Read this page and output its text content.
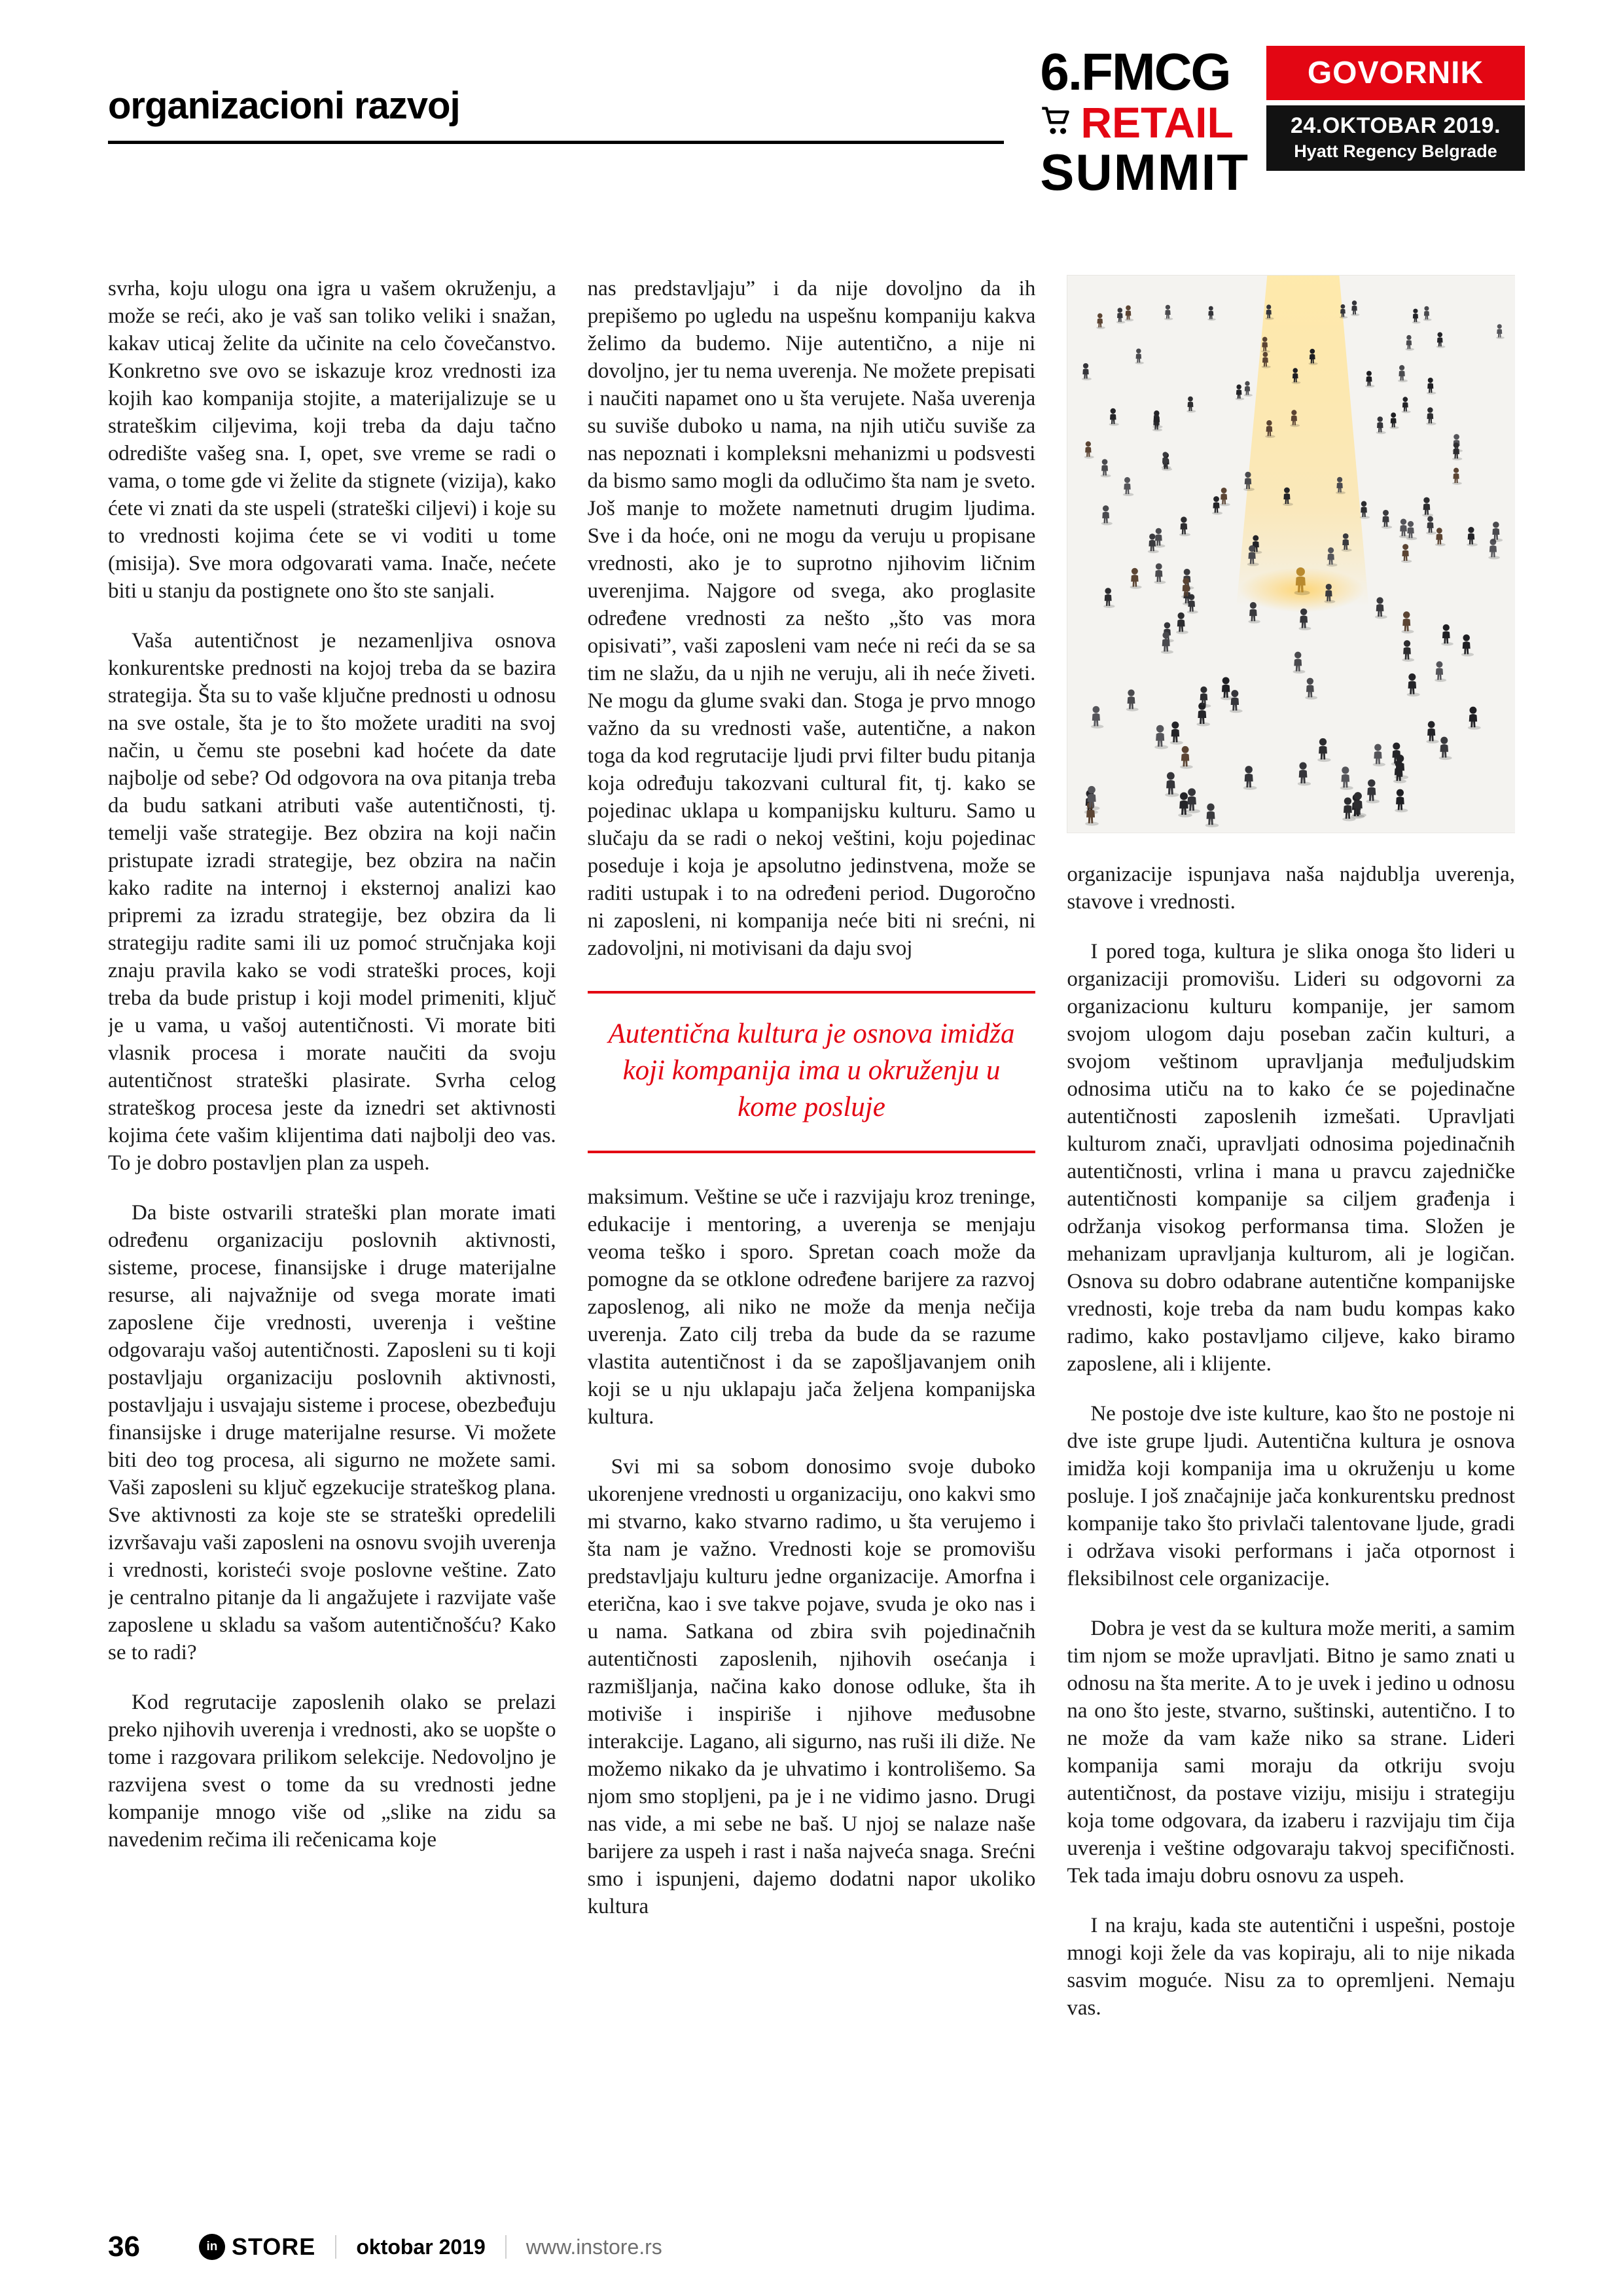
organizacioni razvoj
6.FMCG
RETAIL
SUMMIT
GOVORNIK
24.OKTOBAR 2019.
Hyatt Regency Belgrade

svrha, koju ulogu ona igra u vašem okruženju, a može se reći, ako je vaš san toliko veliki i snažan, kakav uticaj želite da učinite na celo čovečanstvo. Konkretno sve ovo se iskazuje kroz vrednosti iza kojih kao kompanija stojite, a materijalizuje se u strateškim ciljevima, koji treba da daju tačno odredište vašeg sna. I, opet, sve vreme se radi o vama, o tome gde vi želite da stignete (vizija), kako ćete vi znati da ste uspeli (strateški ciljevi) i koje su to vrednosti kojima ćete se vi voditi u tome (misija). Sve mora odgovarati vama. Inače, nećete biti u stanju da postignete ono što ste sanjali.

Vaša autentičnost je nezamenljiva osnova konkurentske prednosti na kojoj treba da se bazira strategija. Šta su to vaše ključne prednosti u odnosu na sve ostale, šta je to što možete uraditi na svoj način, u čemu ste posebni kad hoćete da date najbolje od sebe? Od odgovora na ova pitanja treba da budu satkani atributi vaše autentičnosti, tj. temelji vaše strategije. Bez obzira na koji način pristupate izradi strategije, bez obzira na način kako radite na internoj i eksternoj analizi kao pripremi za izradu strategije, bez obzira da li strategiju radite sami ili uz pomoć stručnjaka koji znaju pravila kako se vodi strateški proces, koji treba da bude pristup i koji model primeniti, ključ je u vama, u vašoj autentičnosti. Vi morate biti vlasnik procesa i morate naučiti da svoju autentičnost strateški plasirate. Svrha celog strateškog procesa jeste da iznedri set aktivnosti kojima ćete vašim klijentima dati najbolji deo vas. To je dobro postavljen plan za uspeh.

Da biste ostvarili strateški plan morate imati određenu organizaciju poslovnih aktivnosti, sisteme, procese, finansijske i druge materijalne resurse, ali najvažnije od svega morate imati zaposlene čije vrednosti, uverenja i veštine odgovaraju vašoj autentičnosti. Zaposleni su ti koji postavljaju organizaciju poslovnih aktivnosti, postavljaju i usvajaju sisteme i procese, obezbeđuju finansijske i druge materijalne resurse. Vi možete biti deo tog procesa, ali sigurno ne možete sami. Vaši zaposleni su ključ egzekucije strateškog plana. Sve aktivnosti za koje ste se strateški opredelili izvršavaju vaši zaposleni na osnovu svojih uverenja i vrednosti, koristeći svoje poslovne veštine. Zato je centralno pitanje da li angažujete i razvijate vaše zaposlene u skladu sa vašom autentičnošću? Kako se to radi?

Kod regrutacije zaposlenih olako se prelazi preko njihovih uverenja i vrednosti, ako se uopšte o tome i razgovara prilikom selekcije. Nedovoljno je razvijena svest o tome da su vrednosti jedne kompanije mnogo više od „slike na zidu sa navedenim rečima ili rečenicama koje

nas predstavljaju” i da nije dovoljno da ih prepišemo po ugledu na uspešnu kompaniju kakva želimo da budemo. Nije autentično, a nije ni dovoljno, jer tu nema uverenja. Ne možete prepisati i naučiti napamet ono u šta verujete. Naša uverenja su suviše duboko u nama, na njih utiču suviše za nas nepoznati i kompleksni mehanizmi u podsvesti da bismo samo mogli da odlučimo šta nam je sveto. Još manje to možete nametnuti drugim ljudima. Sve i da hoće, oni ne mogu da veruju u propisane vrednosti, ako je to suprotno njihovim ličnim uverenjima. Najgore od svega, ako proglasite određene vrednosti za nešto „što vas mora opisivati”, vaši zaposleni vam neće ni reći da se sa tim ne slažu, da u njih ne veruju, ali ih neće živeti. Ne mogu da glume svaki dan. Stoga je prvo mnogo važno da su vrednosti vaše, autentične, a nakon toga da kod regrutacije ljudi prvi filter budu pitanja koja određuju takozvani cultural fit, tj. kako se pojedinac uklapa u kompanijsku kulturu. Samo u slučaju da se radi o nekoj veštini, koju pojedinac poseduje i koja je apsolutno jedinstvena, može se raditi ustupak i to na određeni period. Dugoročno ni zaposleni, ni kompanija neće biti ni srećni, ni zadovoljni, ni motivisani da daju svoj

Autentična kultura je osnova imidža koji kompanija ima u okruženju u kome posluje

maksimum. Veštine se uče i razvijaju kroz treninge, edukacije i mentoring, a uverenja se menjaju veoma teško i sporo. Spretan coach može da pomogne da se otklone određene barijere za razvoj zaposlenog, ali niko ne može da menja nečija uverenja. Zato cilj treba da bude da se razume vlastita autentičnost i da se zapošljavanjem onih koji se u nju uklapaju jača željena kompanijska kultura.

Svi mi sa sobom donosimo svoje duboko ukorenjene vrednosti u organizaciju, ono kakvi smo mi stvarno, kako stvarno radimo, u šta verujemo i šta nam je važno. Vrednosti koje se promovišu predstavljaju kulturu jedne organizacije. Amorfna i eterična, kao i sve takve pojave, svuda je oko nas i u nama. Satkana od zbira svih pojedinačnih autentičnosti zaposlenih, njihovih osećanja i razmišljanja, načina kako donose odluke, šta ih motiviše i inspiriše i njihove međusobne interakcije. Lagano, ali sigurno, nas ruši ili diže. Ne možemo nikako da je uhvatimo i kontrolišemo. Sa njom smo stopljeni, pa je i ne vidimo jasno. Drugi nas vide, a mi sebe ne baš. U njoj se nalaze naše barijere za uspeh i rast i naša najveća snaga. Srećni smo i ispunjeni, dajemo dodatni napor ukoliko kultura

organizacije ispunjava naša najdublja uverenja, stavove i vrednosti.

I pored toga, kultura je slika onoga što lideri u organizaciji promovišu. Lideri su odgovorni za organizacionu kulturu kompanije, jer samom svojom ulogom daju poseban začin kulturi, a svojom veštinom upravljanja međuljudskim odnosima utiču na to kako će se pojedinačne autentičnosti zaposlenih izmešati. Upravljati kulturom znači, upravljati odnosima pojedinačnih autentičnosti, vrlina i mana u pravcu zajedničke autentičnosti kompanije sa ciljem građenja i održanja visokog performansa tima. Složen je mehanizam upravljanja kulturom, ali je logičan. Osnova su dobro odabrane autentične kompanijske vrednosti, koje treba da nam budu kompas kako radimo, kako postavljamo ciljeve, kako biramo zaposlene, ali i klijente.

Ne postoje dve iste kulture, kao što ne postoje ni dve iste grupe ljudi. Autentična kultura je osnova imidža koji kompanija ima u okruženju u kome posluje. I još značajnije jača konkurentsku prednost kompanije tako što privlači talentovane ljude, gradi i održava visoki performans i jača otpornost i fleksibilnost cele organizacije.

Dobra je vest da se kultura može meriti, a samim tim njom se može upravljati. Bitno je samo znati u odnosu na šta merite. A to je uvek i jedino u odnosu na ono što jeste, stvarno, suštinski, autentično. I to ne može da vam kaže niko sa strane. Lideri kompanija sami moraju da otkriju svoju autentičnost, da postave viziju, misiju i strategiju koja tome odgovara, da izaberu i razvijaju tim čija uverenja i veštine odgovaraju takvoj specifičnosti. Tek tada imaju dobru osnovu za uspeh.

I na kraju, kada ste autentični i uspešni, postoje mnogi koji žele da vas kopiraju, ali to nije nikada sasvim moguće. Nisu za to opremljeni. Nemaju vas.

36	in STORE oktobar 2019 www.instore.rs
